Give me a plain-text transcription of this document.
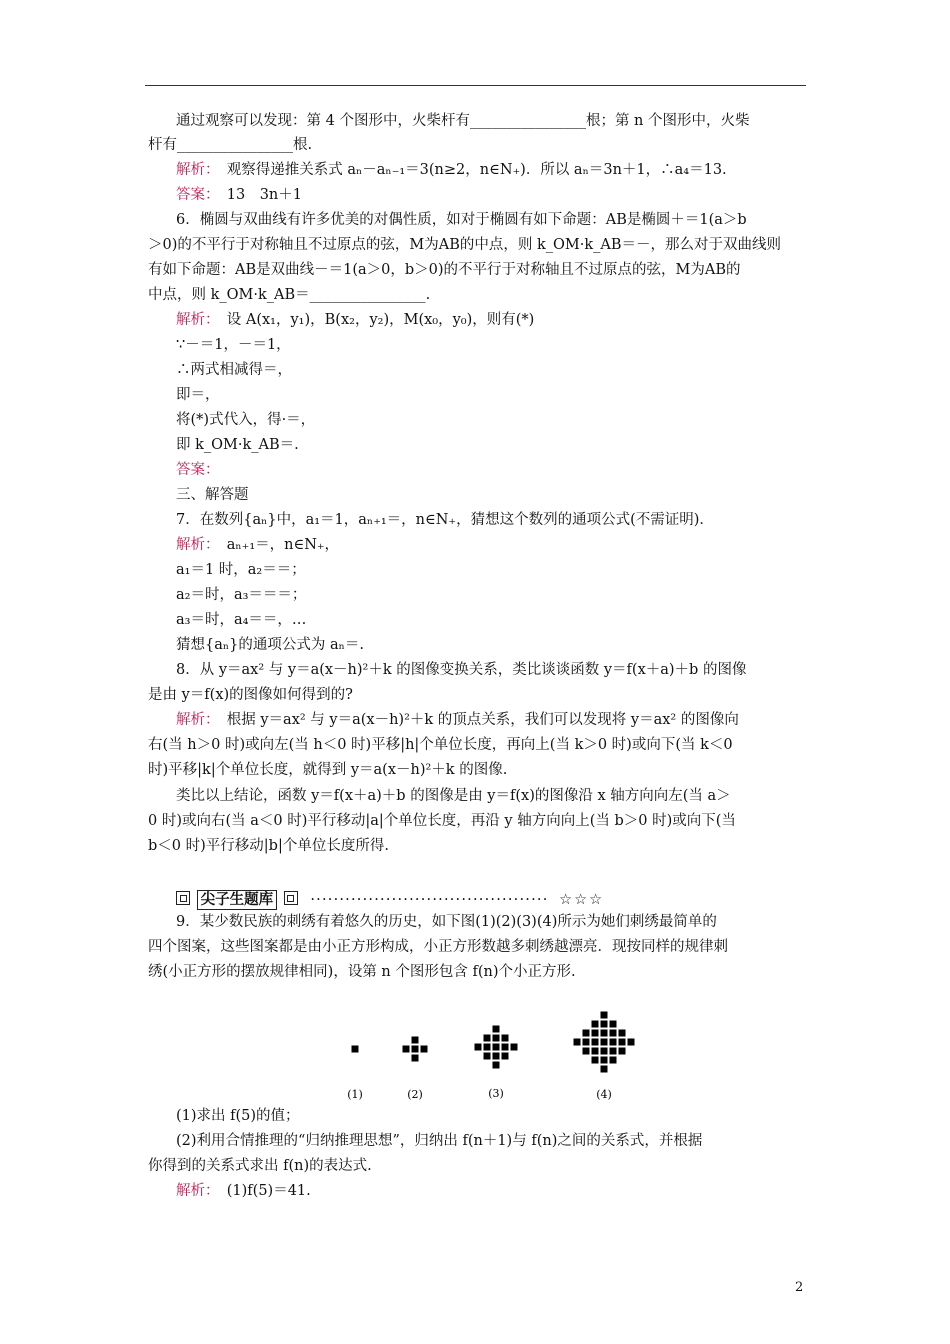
通过观察可以发现：第 4 个图形中，火柴杆有________________根；第 n 个图形中，火柴
杆有________________根.
解析：　观察得递推关系式 aₙ－aₙ₋₁＝3(n≥2，n∈N₊)．所以 aₙ＝3n＋1，∴a₄＝13.
答案：　13　3n＋1
6．椭圆与双曲线有许多优美的对偶性质，如对于椭圆有如下命题：AB是椭圆＋＝1(a＞b
＞0)的不平行于对称轴且不过原点的弦，M为AB的中点，则 k_OM·k_AB＝－，那么对于双曲线则
有如下命题：AB是双曲线－＝1(a＞0，b＞0)的不平行于对称轴且不过原点的弦，M为AB的
中点，则 k_OM·k_AB＝________________.
解析：　设 A(x₁，y₁)，B(x₂，y₂)，M(x₀，y₀)，则有(*)
∵－＝1，－＝1，
∴两式相减得＝，
即＝，
将(*)式代入，得·＝，
即 k_OM·k_AB＝.
答案：
三、解答题
7．在数列{aₙ}中，a₁＝1，aₙ₊₁＝，n∈N₊，猜想这个数列的通项公式(不需证明)．
解析：　aₙ₊₁＝，n∈N₊，
a₁＝1 时，a₂＝＝；
a₂＝时，a₃＝＝＝；
a₃＝时，a₄＝＝，…
猜想{aₙ}的通项公式为 aₙ＝.
8．从 y＝ax² 与 y＝a(x－h)²＋k 的图像变换关系，类比谈谈函数 y＝f(x＋a)＋b 的图像
是由 y＝f(x)的图像如何得到的?
解析：　根据 y＝ax² 与 y＝a(x－h)²＋k 的顶点关系，我们可以发现将 y＝ax² 的图像向
右(当 h＞0 时)或向左(当 h＜0 时)平移|h|个单位长度，再向上(当 k＞0 时)或向下(当 k＜0
时)平移|k|个单位长度，就得到 y＝a(x－h)²＋k 的图像.
类比以上结论，函数 y＝f(x＋a)＋b 的图像是由 y＝f(x)的图像沿 x 轴方向向左(当 a＞
0 时)或向右(当 a＜0 时)平行移动|a|个单位长度，再沿 y 轴方向向上(当 b＞0 时)或向下(当
b＜0 时)平行移动|b|个单位长度所得.
9．某少数民族的刺绣有着悠久的历史，如下图(1)(2)(3)(4)所示为她们刺绣最简单的
四个图案，这些图案都是由小正方形构成，小正方形数越多刺绣越漂亮．现按同样的规律刺
绣(小正方形的摆放规律相同)，设第 n 个图形包含 f(n)个小正方形.
(1)求出 f(5)的值；
(2)利用合情推理的“归纳推理思想”，归纳出 f(n＋1)与 f(n)之间的关系式，并根据
你得到的关系式求出 f(n)的表达式.
解析：　(1)f(5)＝41.
尖子生题库	········································· ☆☆☆
(1)	(2)	(3)	(4)
2
